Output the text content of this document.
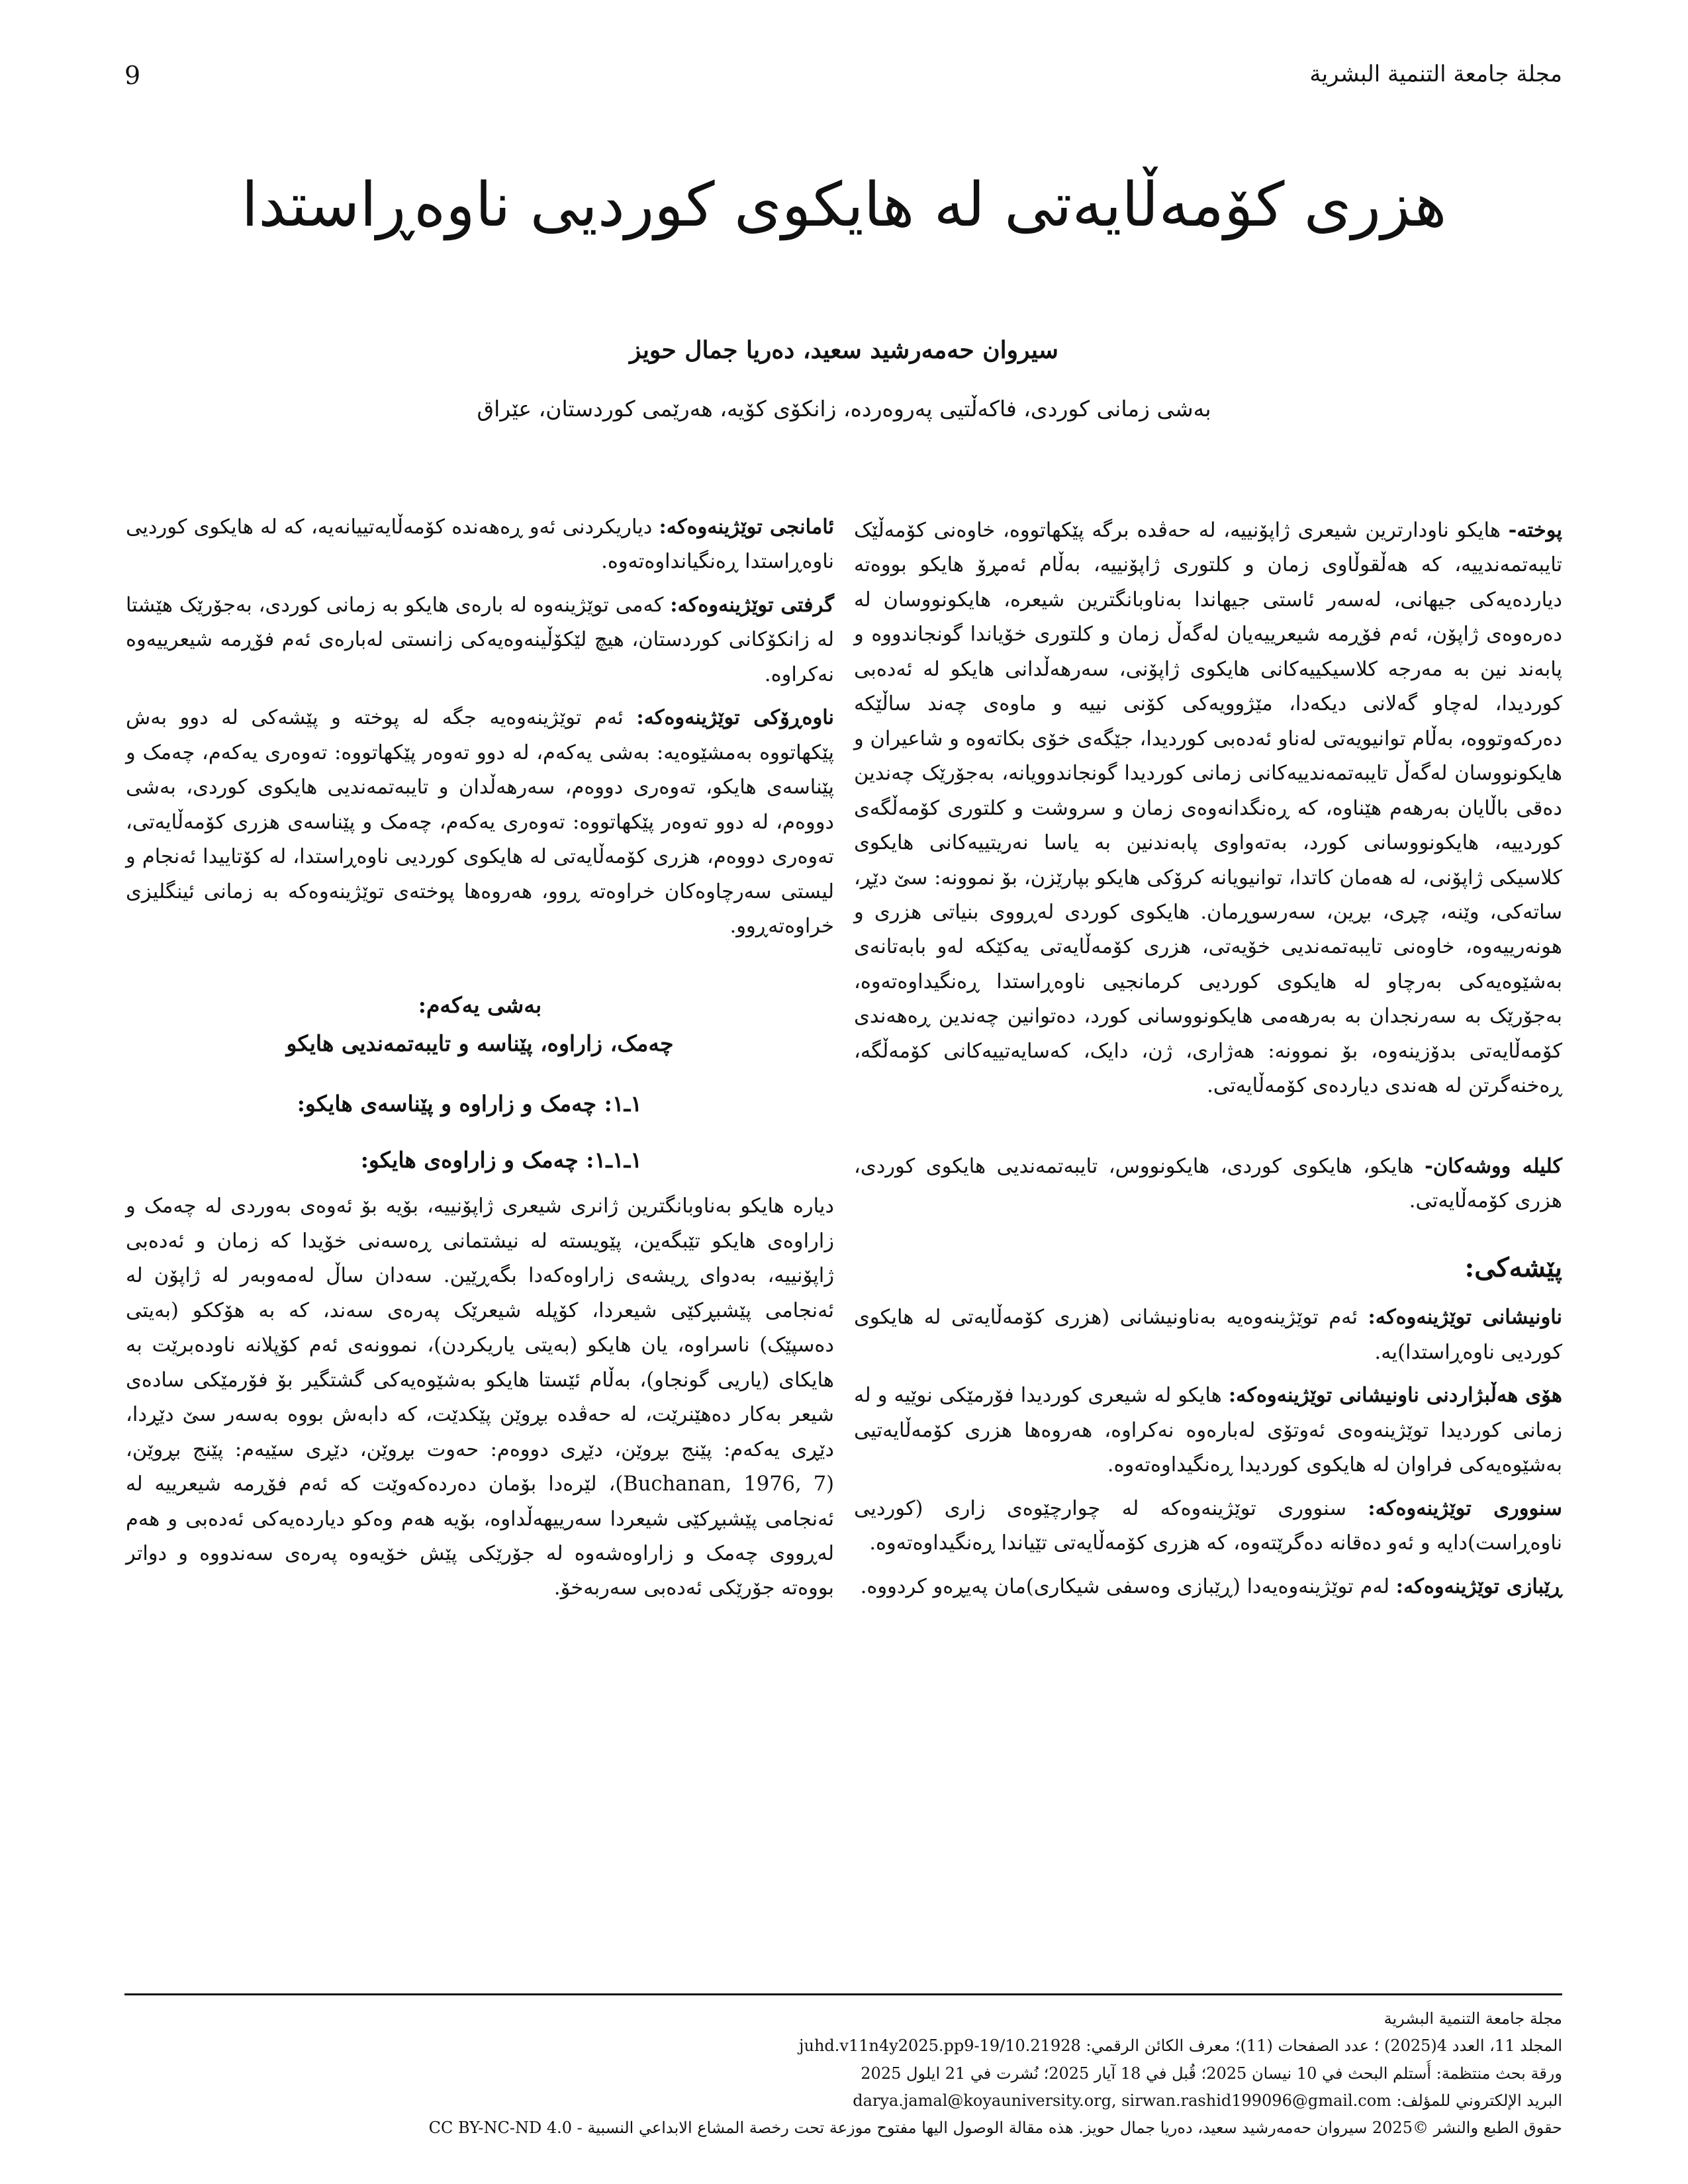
9	مجلة جامعة التنمية البشرية
هزری کۆمەڵایەتی لە هایکوی کوردیی ناوەڕاستدا
سیروان حەمەرشید سعید، دەریا جمال حویز
بەشی زمانی کوردی، فاکەڵتیی پەروەردە، زانکۆی کۆیە، هەرێمی کوردستان، عێراق

پوختە- هایکو ناودارترین شیعری ژاپۆنییە، لە حەڤدە برگە پێکهاتووە، خاوەنی کۆمەڵێک تایبەتمەندییە، کە هەڵقوڵاوی زمان و کلتوری ژاپۆنییە، بەڵام ئەمڕۆ هایکو بووەتە دیاردەیەکی جیهانی، لەسەر ئاستی جیهاندا بەناوبانگترین شیعرە، هایکونووسان لە دەرەوەی ژاپۆن، ئەم فۆڕمە شیعرییەیان لەگەڵ زمان و کلتوری خۆیاندا گونجاندووە و پابەند نین بە مەرجە کلاسیکییەکانی هایکوی ژاپۆنی، سەرهەڵدانی هایکو لە ئەدەبی کوردیدا، لەچاو گەلانی دیکەدا، مێژوویەکی کۆنی نییە و ماوەی چەند ساڵێکە دەرکەوتووە، بەڵام توانیویەتی لەناو ئەدەبی کوردیدا، جێگەی خۆی بکاتەوە و شاعیران و هایکونووسان لەگەڵ تایبەتمەندییەکانی زمانی کوردیدا گونجاندوویانە، بەجۆرێک چەندین دەقی باڵایان بەرهەم هێناوە، کە ڕەنگدانەوەی زمان و سروشت و کلتوری کۆمەڵگەی کوردییە، هایکونووسانی کورد، بەتەواوی پابەندنین بە یاسا نەریتییەکانی هایکوی کلاسیکی ژاپۆنی، لە هەمان کاتدا، توانیویانە کرۆکی هایکو بپارێزن، بۆ نموونە: سێ دێڕ، ساتەکی، وێنە، چڕی، بڕین، سەرسوڕمان. هایکوی کوردی لەڕووی بنیاتی هزری و هونەرییەوە، خاوەنی تایبەتمەندیی خۆیەتی، هزری کۆمەڵایەتی یەکێکە لەو بابەتانەی بەشێوەیەکی بەرچاو لە هایکوی کوردیی کرمانجیی ناوەڕاستدا ڕەنگیداوەتەوە، بەجۆرێک بە سەرنجدان بە بەرهەمی هایکونووسانی کورد، دەتوانین چەندین ڕەهەندی کۆمەڵایەتی بدۆزینەوە، بۆ نموونە: هەژاری، ژن، دایک، کەسایەتییەکانی کۆمەڵگە، ڕەخنەگرتن لە هەندی دیاردەی کۆمەڵایەتی.

کلیلە ووشەکان- هایکو، هایکوی کوردی، هایکونووس، تایبەتمەندیی هایکوی کوردی، هزری کۆمەڵایەتی.

پێشەکی:

ناونیشانی توێژینەوەکە: ئەم توێژینەوەیە بەناونیشانی (هزری کۆمەڵایەتی لە هایکوی کوردیی ناوەڕاستدا)یە.

هۆی هەڵبژاردنی ناونیشانی توێژینەوەکە: هایکو لە شیعری کوردیدا فۆرمێکی نوێیە و لە زمانی کوردیدا توێژینەوەی ئەوتۆی لەبارەوە نەکراوە، هەروەها هزری کۆمەڵایەتیی بەشێوەیەکی فراوان لە هایکوی کوردیدا ڕەنگیداوەتەوە.

سنووری توێژینەوەکە: سنووری توێژینەوەکە لە چوارچێوەی زاری (کوردیی ناوەڕاست)دایە و ئەو دەقانە دەگرێتەوە، کە هزری کۆمەڵایەتی تێیاندا ڕەنگیداوەتەوە.

ڕێبازی توێژینەوەکە: لەم توێژینەوەیەدا (ڕێبازی وەسفی شیکاری)مان پەیڕەو کردووە.

ئامانجی توێژینەوەکە: دیاریکردنی ئەو ڕەهەندە کۆمەڵایەتییانەیە، کە لە هایکوی کوردیی ناوەڕاستدا ڕەنگیانداوەتەوە.

گرفتی توێژینەوەکە: کەمی توێژینەوە لە بارەی هایکو بە زمانی کوردی، بەجۆرێک هێشتا لە زانکۆکانی کوردستان، هیچ لێکۆڵینەوەیەکی زانستی لەبارەی ئەم فۆڕمە شیعرییەوە نەکراوە.

ناوەڕۆکی توێژینەوەکە: ئەم توێژینەوەیە جگە لە پوختە و پێشەکی لە دوو بەش پێکهاتووە بەمشێوەیە: بەشی یەکەم، لە دوو تەوەر پێکهاتووە: تەوەری یەکەم، چەمک و پێناسەی هایکو، تەوەری دووەم، سەرهەڵدان و تایبەتمەندیی هایکوی کوردی، بەشی دووەم، لە دوو تەوەر پێکهاتووە: تەوەری یەکەم، چەمک و پێناسەی هزری کۆمەڵایەتی، تەوەری دووەم، هزری کۆمەڵایەتی لە هایکوی کوردیی ناوەڕاستدا، لە کۆتاییدا ئەنجام و لیستی سەرچاوەکان خراوەتە ڕوو، هەروەها پوختەی توێژینەوەکە بە زمانی ئینگلیزی خراوەتەڕوو.

بەشی یەکەم:
چەمک، زاراوە، پێناسە و تایبەتمەندیی هایکو
١ـ١: چەمک و زاراوە و پێناسەی هایکو:
١ـ١ـ١: چەمک و زاراوەی هایکو:

دیارە هایکو بەناوبانگترین ژانری شیعری ژاپۆنییە، بۆیە بۆ ئەوەی بەوردی لە چەمک و زاراوەی هایکو تێبگەین، پێویستە لە نیشتمانی ڕەسەنی خۆیدا کە زمان و ئەدەبی ژاپۆنییە، بەدوای ڕیشەی زاراوەکەدا بگەڕێین. سەدان ساڵ لەمەوبەر لە ژاپۆن لە ئەنجامی پێشبڕکێی شیعردا، کۆپلە شیعرێک پەرەی سەند، کە بە هۆککو (بەیتی دەسپێک) ناسراوە، یان هایکو (بەیتی یاریکردن)، نموونەی ئەم کۆپلانە ناودەبرێت بە هایکای (یاریی گونجاو)، بەڵام ئێستا هایکو بەشێوەیەکی گشتگیر بۆ فۆرمێکی سادەی شیعر بەکار دەهێنرێت، لە حەڤدە بڕوێن پێکدێت، کە دابەش بووە بەسەر سێ دێڕدا، دێڕی یەکەم: پێنج بڕوێن، دێڕی دووەم: حەوت بڕوێن، دێڕی سێیەم: پێنج بڕوێن، (Buchanan, 1976, 7)، لێرەدا بۆمان دەردەکەوێت کە ئەم فۆڕمە شیعرییە لە ئەنجامی پێشبڕکێی شیعردا سەرییهەڵداوە، بۆیە هەم وەکو دیاردەیەکی ئەدەبی و هەم لەڕووی چەمک و زاراوەشەوە لە جۆرێکی پێش خۆیەوە پەرەی سەندووە و دواتر بووەتە جۆرێکی ئەدەبی سەربەخۆ.

مجلة جامعة التنمية البشرية
المجلد 11، العدد 4(2025) ؛ عدد الصفحات (11)؛ معرف الكائن الرقمي: 10.21928/juhd.v11n4y2025.pp9-19
ورقة بحث منتظمة: أُستلم البحث في 10 نيسان 2025؛ قُبل في 18 آيار 2025؛ نُشرت في 21 ايلول 2025
البريد الإلكتروني للمؤلف: darya.jamal@koyauniversity.org, sirwan.rashid199096@gmail.com
حقوق الطبع والنشر ©2025 سیروان حەمەرشید سعید، دەریا جمال حویز. هذه مقالة الوصول اليها مفتوح موزعة تحت رخصة المشاع الابداعي النسبية - CC BY-NC-ND 4.0
